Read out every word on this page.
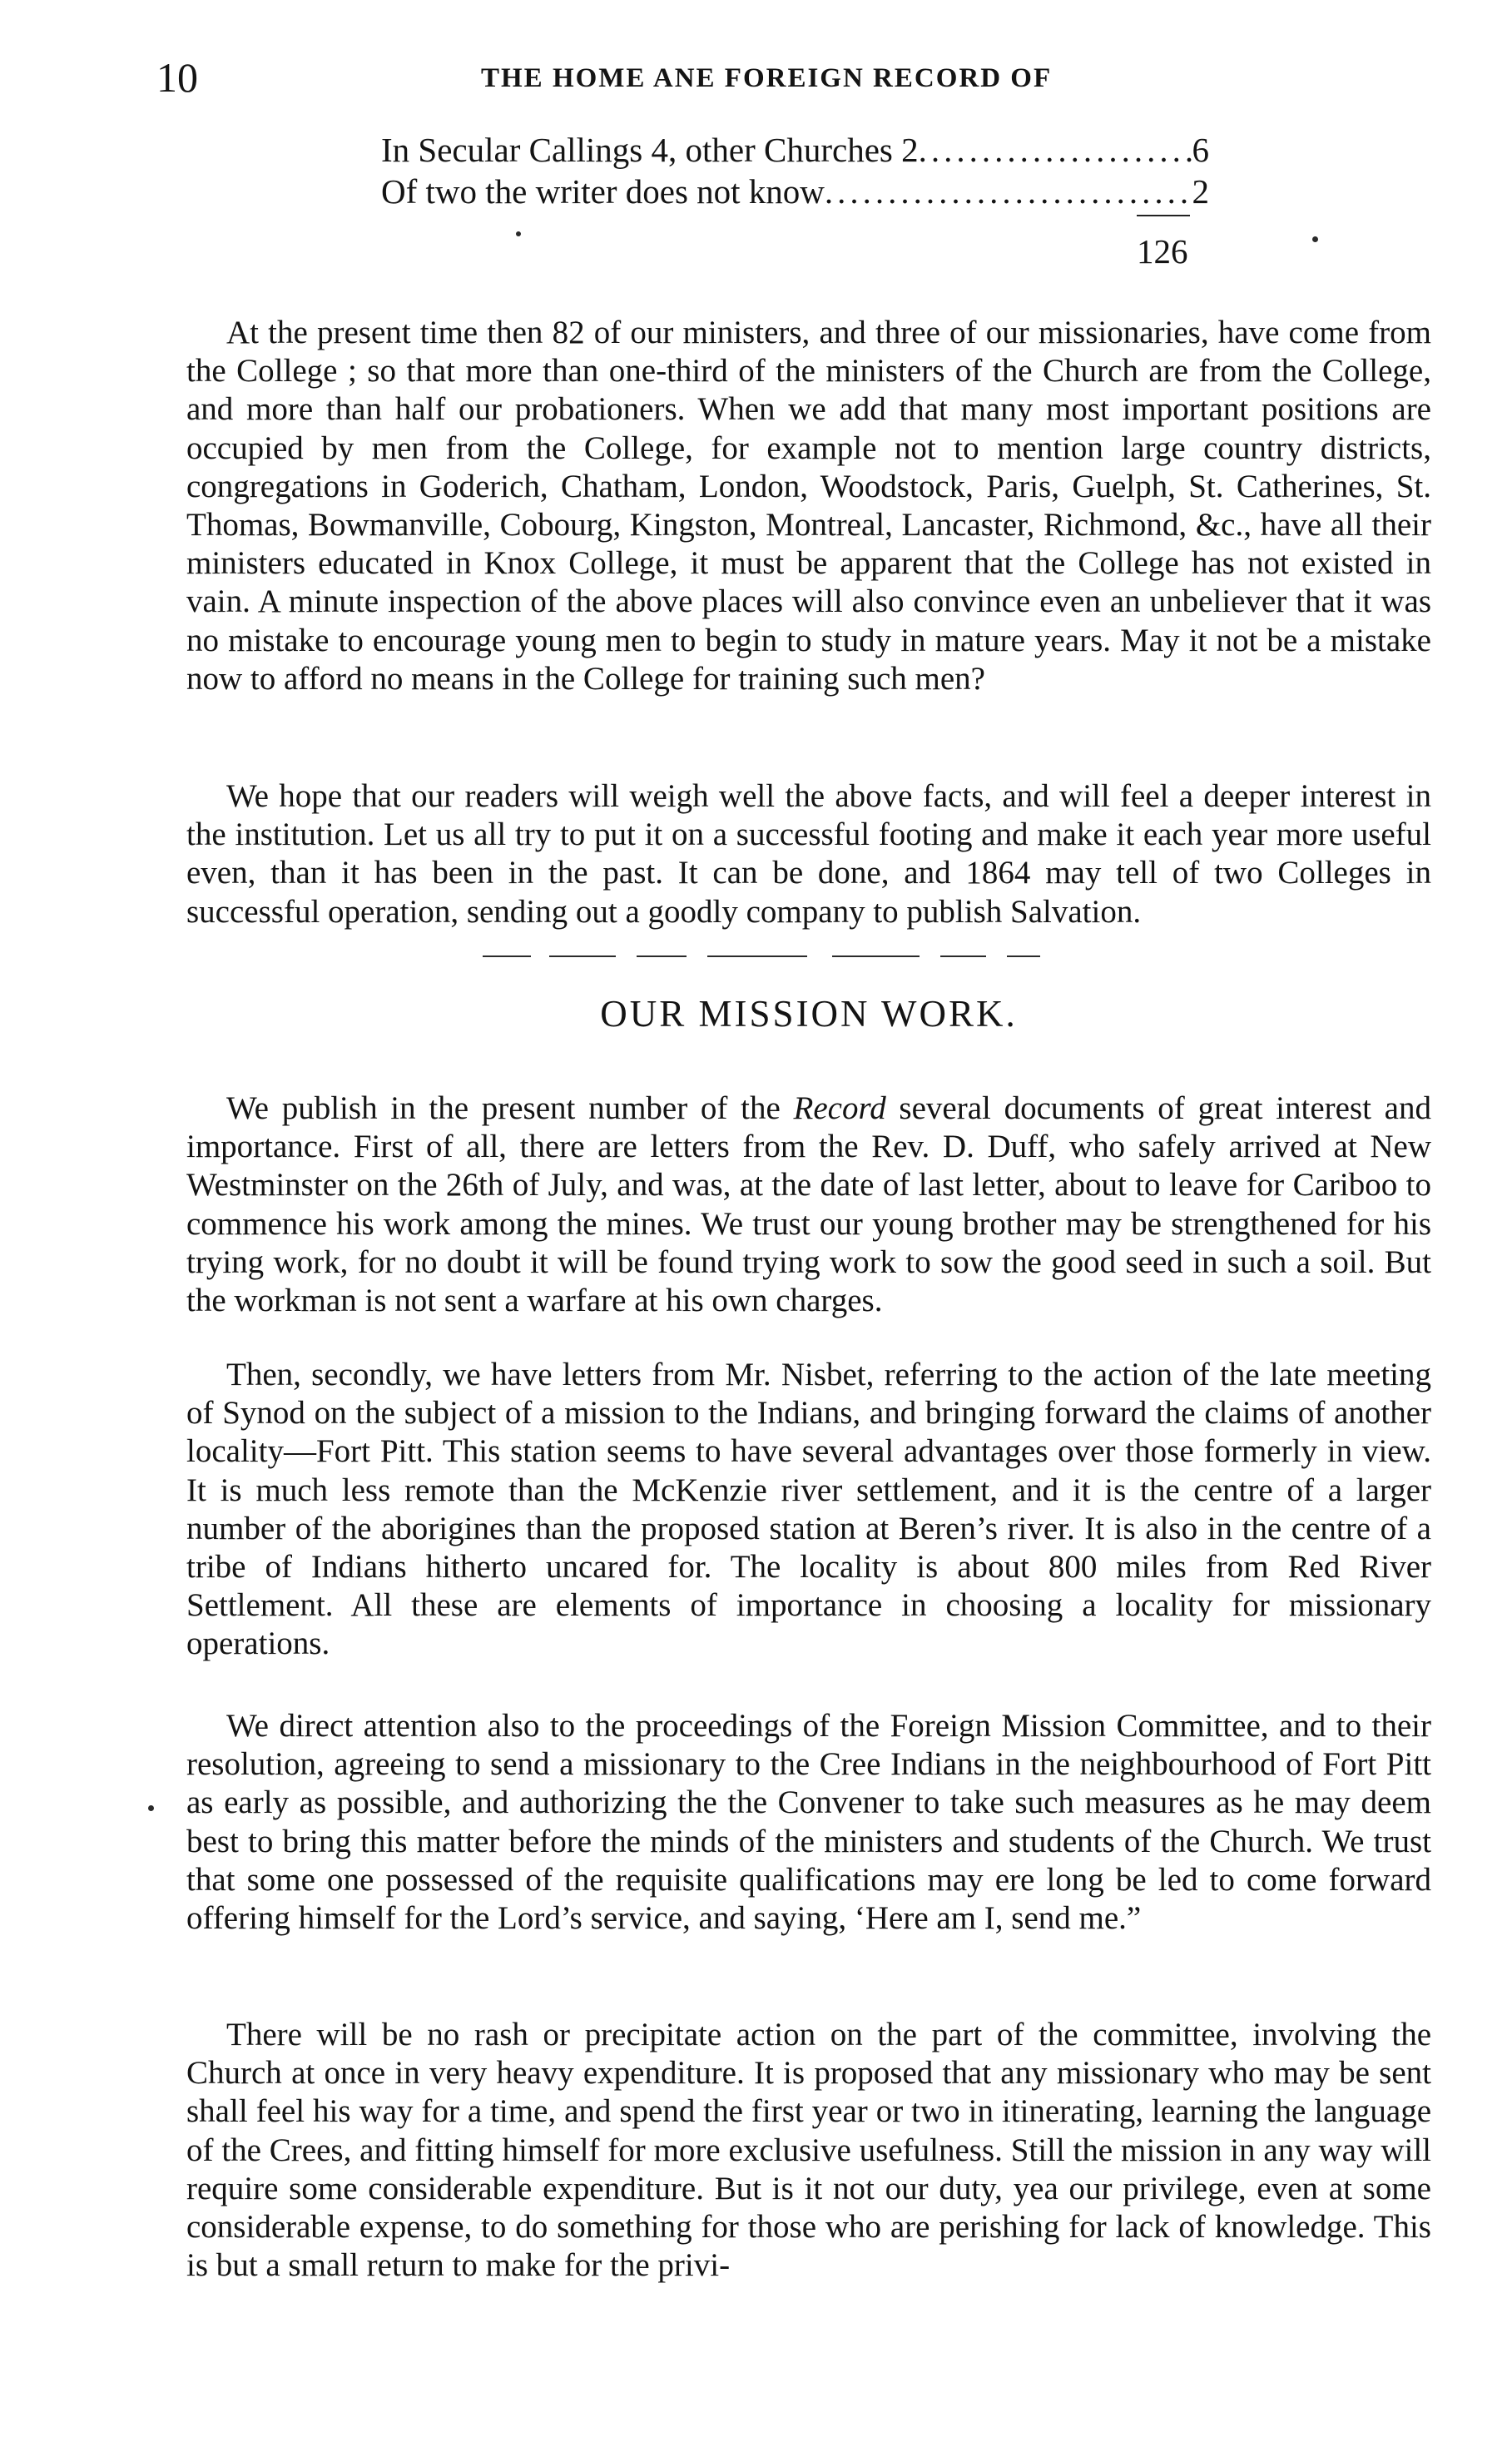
10	THE HOME ANE FOREIGN RECORD OF
In Secular Callings 4, other Churches 2 .....	6
Of two the writer does not know .....	2
126

At the present time then 82 of our ministers, and three of our missionaries, have come from the College ; so that more than one-third of the ministers of the Church are from the College, and more than half our probationers. When we add that many most important positions are occupied by men from the College, for example not to mention large country districts, congregations in Goderich, Chatham, London, Woodstock, Paris, Guelph, St. Catherines, St. Thomas, Bowmanville, Cobourg, Kingston, Montreal, Lancaster, Richmond, &c., have all their ministers educated in Knox College, it must be apparent that the College has not existed in vain. A minute inspection of the above places will also convince even an unbeliever that it was no mistake to encourage young men to begin to study in mature years. May it not be a mistake now to afford no means in the College for training such men?

We hope that our readers will weigh well the above facts, and will feel a deeper interest in the institution. Let us all try to put it on a successful footing and make it each year more useful even, than it has been in the past. It can be done, and 1864 may tell of two Colleges in successful operation, sending out a goodly company to publish Salvation.

OUR MISSION WORK.

We publish in the present number of the Record several documents of great interest and importance. First of all, there are letters from the Rev. D. Duff, who safely arrived at New Westminster on the 26th of July, and was, at the date of last letter, about to leave for Cariboo to commence his work among the mines. We trust our young brother may be strengthened for his trying work, for no doubt it will be found trying work to sow the good seed in such a soil. But the workman is not sent a warfare at his own charges.

Then, secondly, we have letters from Mr. Nisbet, referring to the action of the late meeting of Synod on the subject of a mission to the Indians, and bringing forward the claims of another locality—Fort Pitt. This station seems to have several advantages over those formerly in view. It is much less remote than the McKenzie river settlement, and it is the centre of a larger number of the aborigines than the proposed station at Beren’s river. It is also in the centre of a tribe of Indians hitherto uncared for. The locality is about 800 miles from Red River Settlement. All these are elements of importance in choosing a locality for missionary operations.

We direct attention also to the proceedings of the Foreign Mission Committee, and to their resolution, agreeing to send a missionary to the Cree Indians in the neighbourhood of Fort Pitt as early as possible, and authorizing the the Convener to take such measures as he may deem best to bring this matter before the minds of the ministers and students of the Church. We trust that some one possessed of the requisite qualifications may ere long be led to come forward offering himself for the Lord’s service, and saying, ‘Here am I, send me.”

There will be no rash or precipitate action on the part of the committee, involving the Church at once in very heavy expenditure. It is proposed that any missionary who may be sent shall feel his way for a time, and spend the first year or two in itinerating, learning the language of the Crees, and fitting himself for more exclusive usefulness. Still the mission in any way will require some considerable expenditure. But is it not our duty, yea our privilege, even at some considerable expense, to do something for those who are perishing for lack of knowledge. This is but a small return to make for the privi-
